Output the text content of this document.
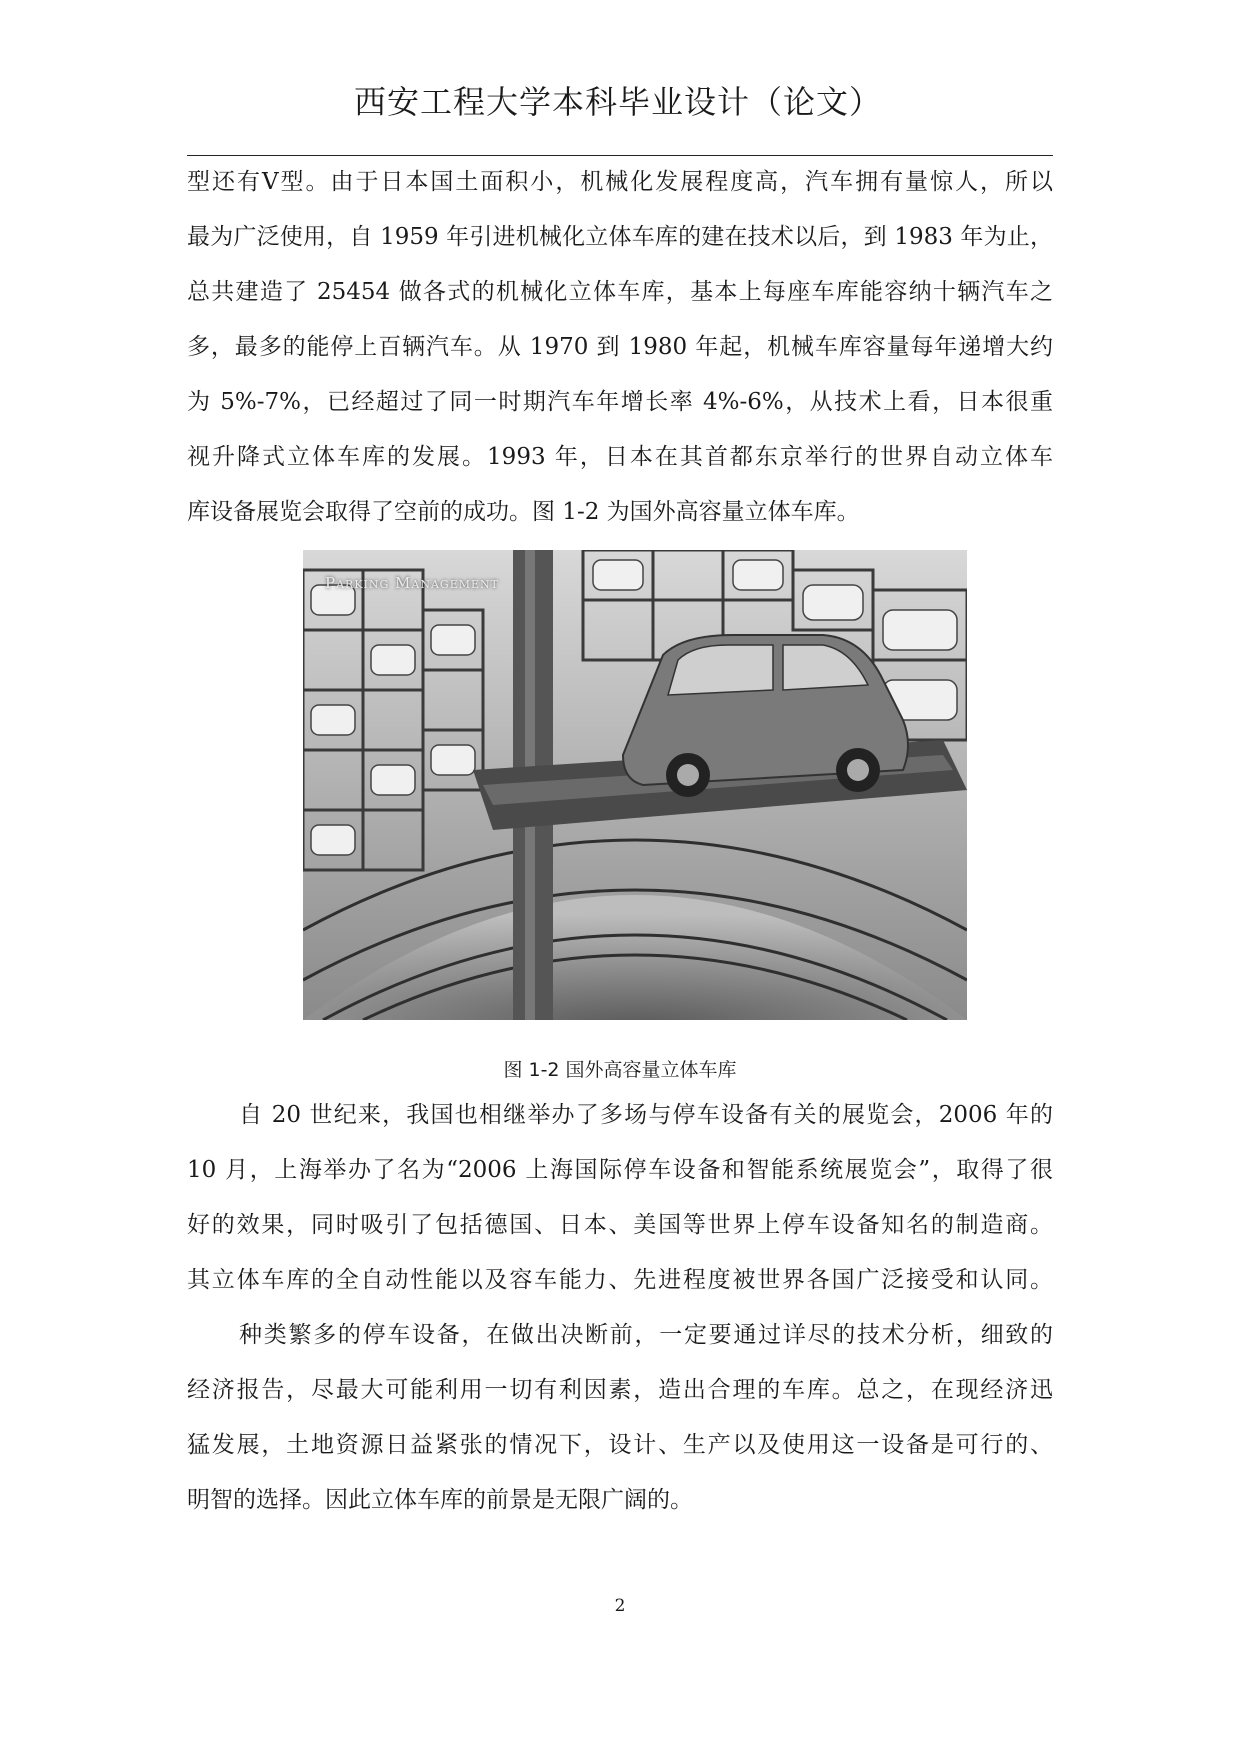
西安工程大学本科毕业设计（论文）
型还有Ⅴ型。由于日本国土面积小，机械化发展程度高，汽车拥有量惊人，所以
最为广泛使用，自 1959 年引进机械化立体车库的建在技术以后，到 1983 年为止，
总共建造了 25454 做各式的机械化立体车库，基本上每座车库能容纳十辆汽车之
多，最多的能停上百辆汽车。从 1970 到 1980 年起，机械车库容量每年递增大约
为 5%-7%，已经超过了同一时期汽车年增长率 4%-6%，从技术上看，日本很重
视升降式立体车库的发展。1993 年，日本在其首都东京举行的世界自动立体车
库设备展览会取得了空前的成功。图 1-2 为国外高容量立体车库。
Parking Management
图 1-2 国外高容量立体车库
自 20 世纪来，我国也相继举办了多场与停车设备有关的展览会，2006 年的
10 月，上海举办了名为“2006 上海国际停车设备和智能系统展览会”，取得了很
好的效果，同时吸引了包括德国、日本、美国等世界上停车设备知名的制造商。
其立体车库的全自动性能以及容车能力、先进程度被世界各国广泛接受和认同。
种类繁多的停车设备，在做出决断前，一定要通过详尽的技术分析，细致的
经济报告，尽最大可能利用一切有利因素，造出合理的车库。总之，在现经济迅
猛发展，土地资源日益紧张的情况下，设计、生产以及使用这一设备是可行的、
明智的选择。因此立体车库的前景是无限广阔的。
2
